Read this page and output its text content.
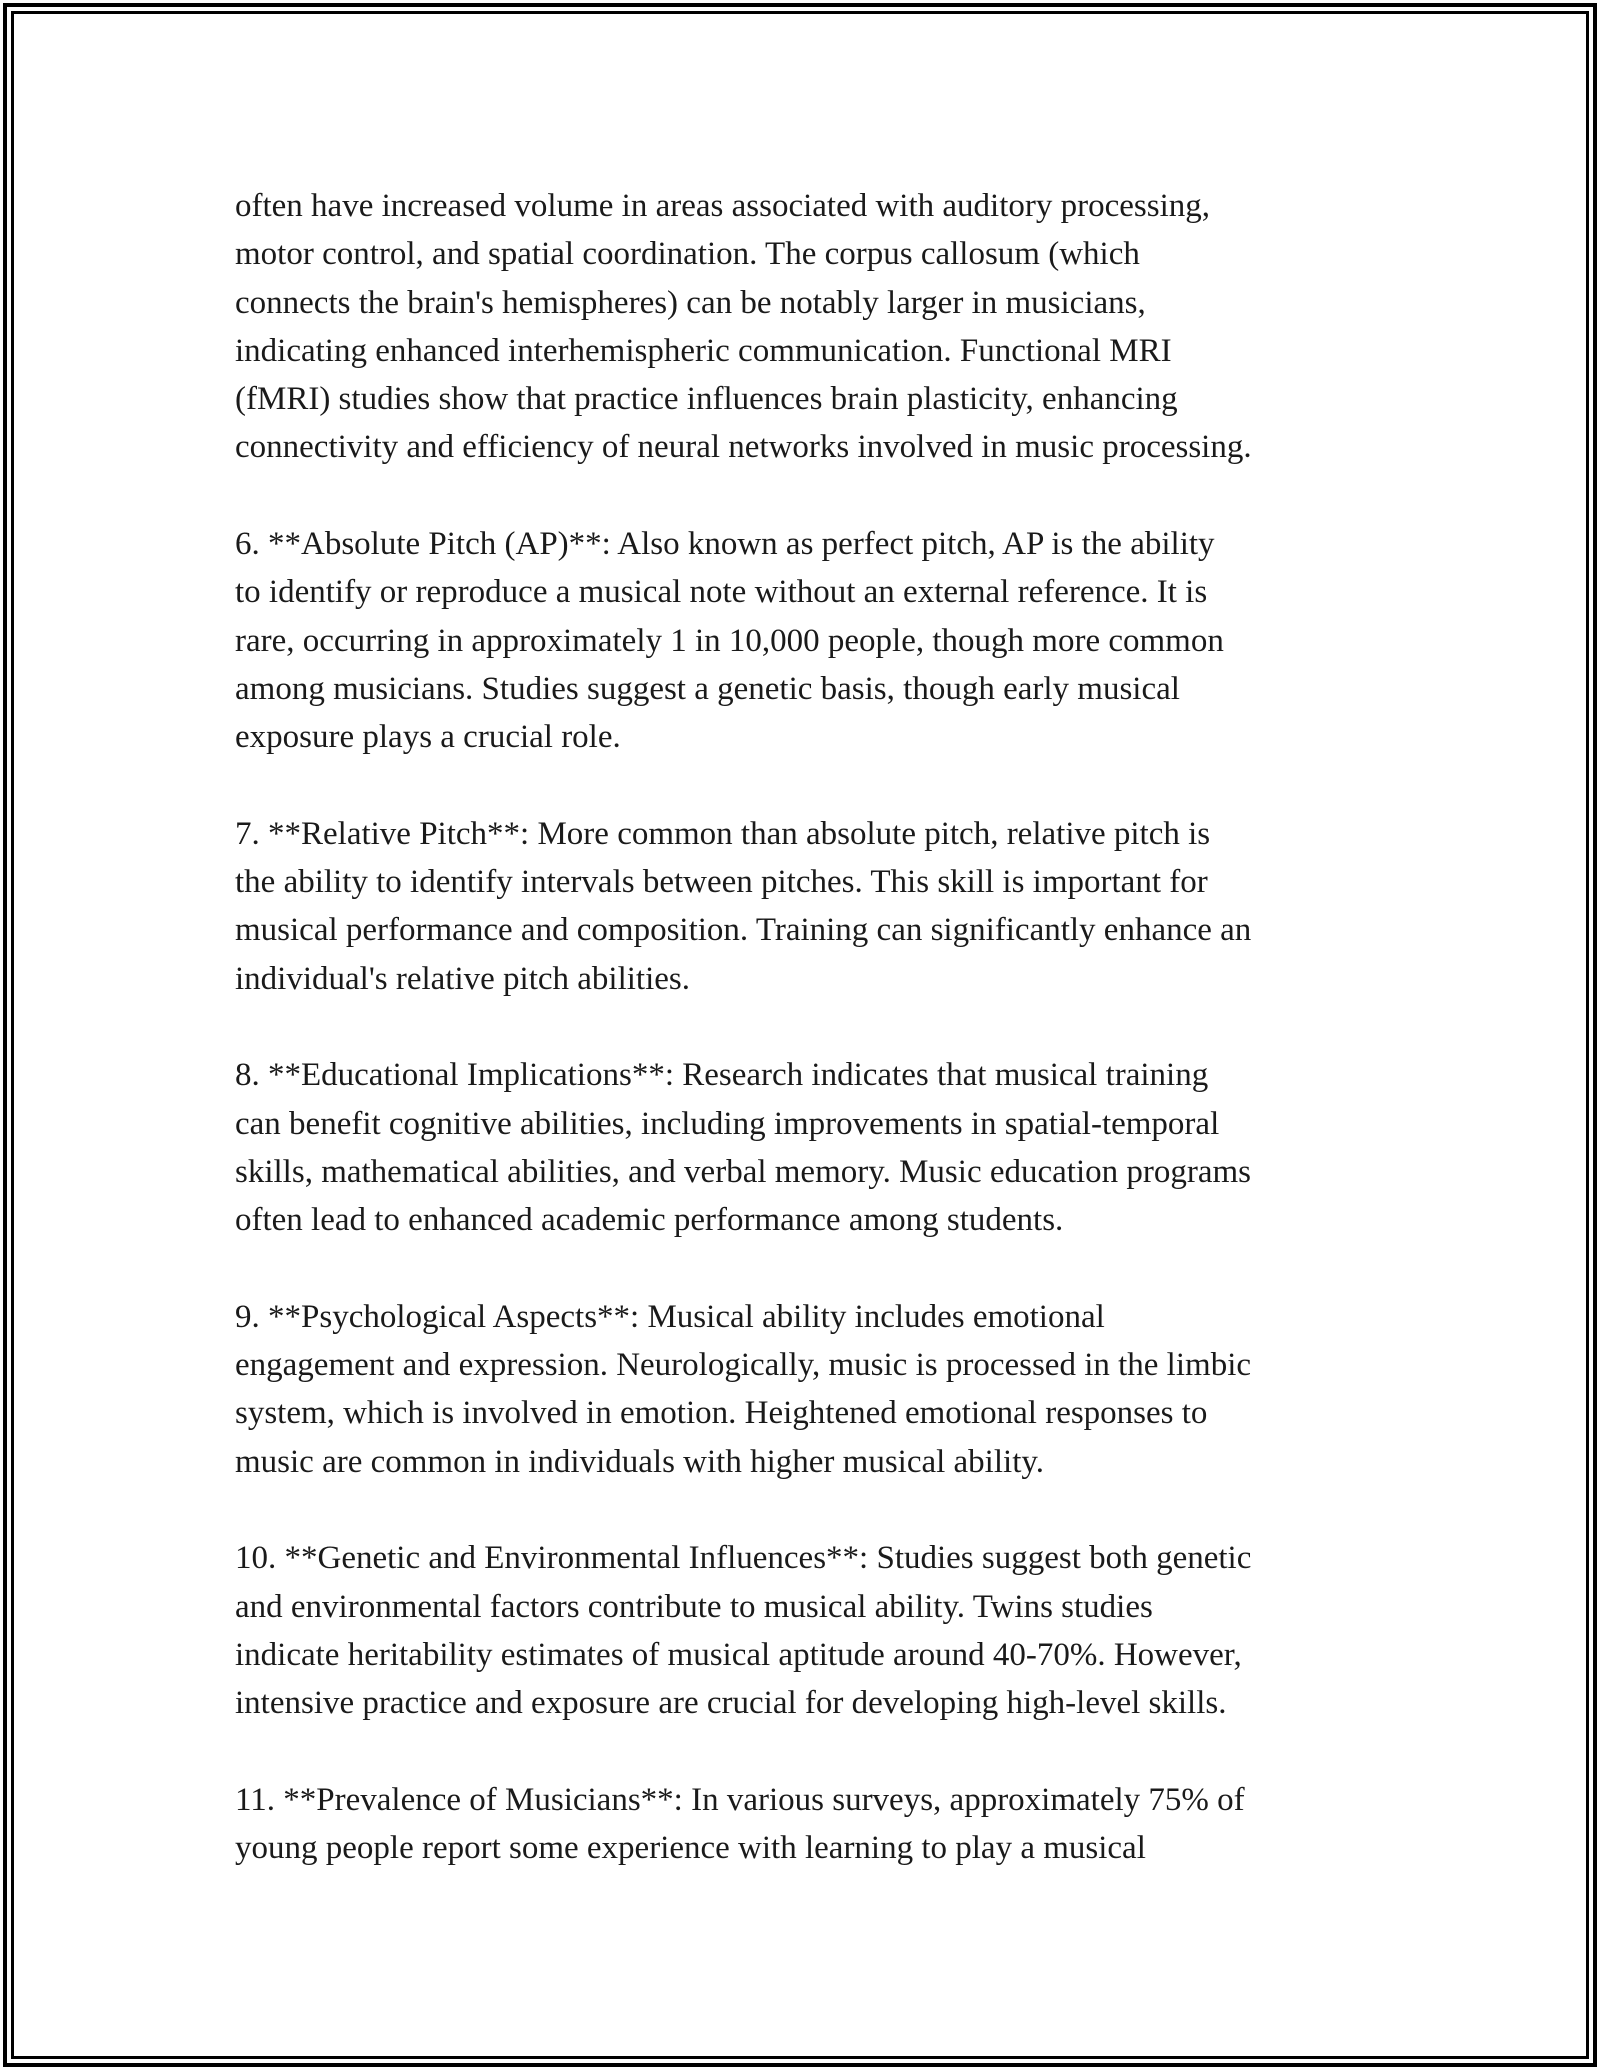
often have increased volume in areas associated with auditory processing,
motor control, and spatial coordination. The corpus callosum (which
connects the brain's hemispheres) can be notably larger in musicians,
indicating enhanced interhemispheric communication. Functional MRI
(fMRI) studies show that practice influences brain plasticity, enhancing
connectivity and efficiency of neural networks involved in music processing.

6. **Absolute Pitch (AP)**: Also known as perfect pitch, AP is the ability
to identify or reproduce a musical note without an external reference. It is
rare, occurring in approximately 1 in 10,000 people, though more common
among musicians. Studies suggest a genetic basis, though early musical
exposure plays a crucial role.

7. **Relative Pitch**: More common than absolute pitch, relative pitch is
the ability to identify intervals between pitches. This skill is important for
musical performance and composition. Training can significantly enhance an
individual's relative pitch abilities.

8. **Educational Implications**: Research indicates that musical training
can benefit cognitive abilities, including improvements in spatial-temporal
skills, mathematical abilities, and verbal memory. Music education programs
often lead to enhanced academic performance among students.

9. **Psychological Aspects**: Musical ability includes emotional
engagement and expression. Neurologically, music is processed in the limbic
system, which is involved in emotion. Heightened emotional responses to
music are common in individuals with higher musical ability.

10. **Genetic and Environmental Influences**: Studies suggest both genetic
and environmental factors contribute to musical ability. Twins studies
indicate heritability estimates of musical aptitude around 40-70%. However,
intensive practice and exposure are crucial for developing high-level skills.

11. **Prevalence of Musicians**: In various surveys, approximately 75% of
young people report some experience with learning to play a musical
